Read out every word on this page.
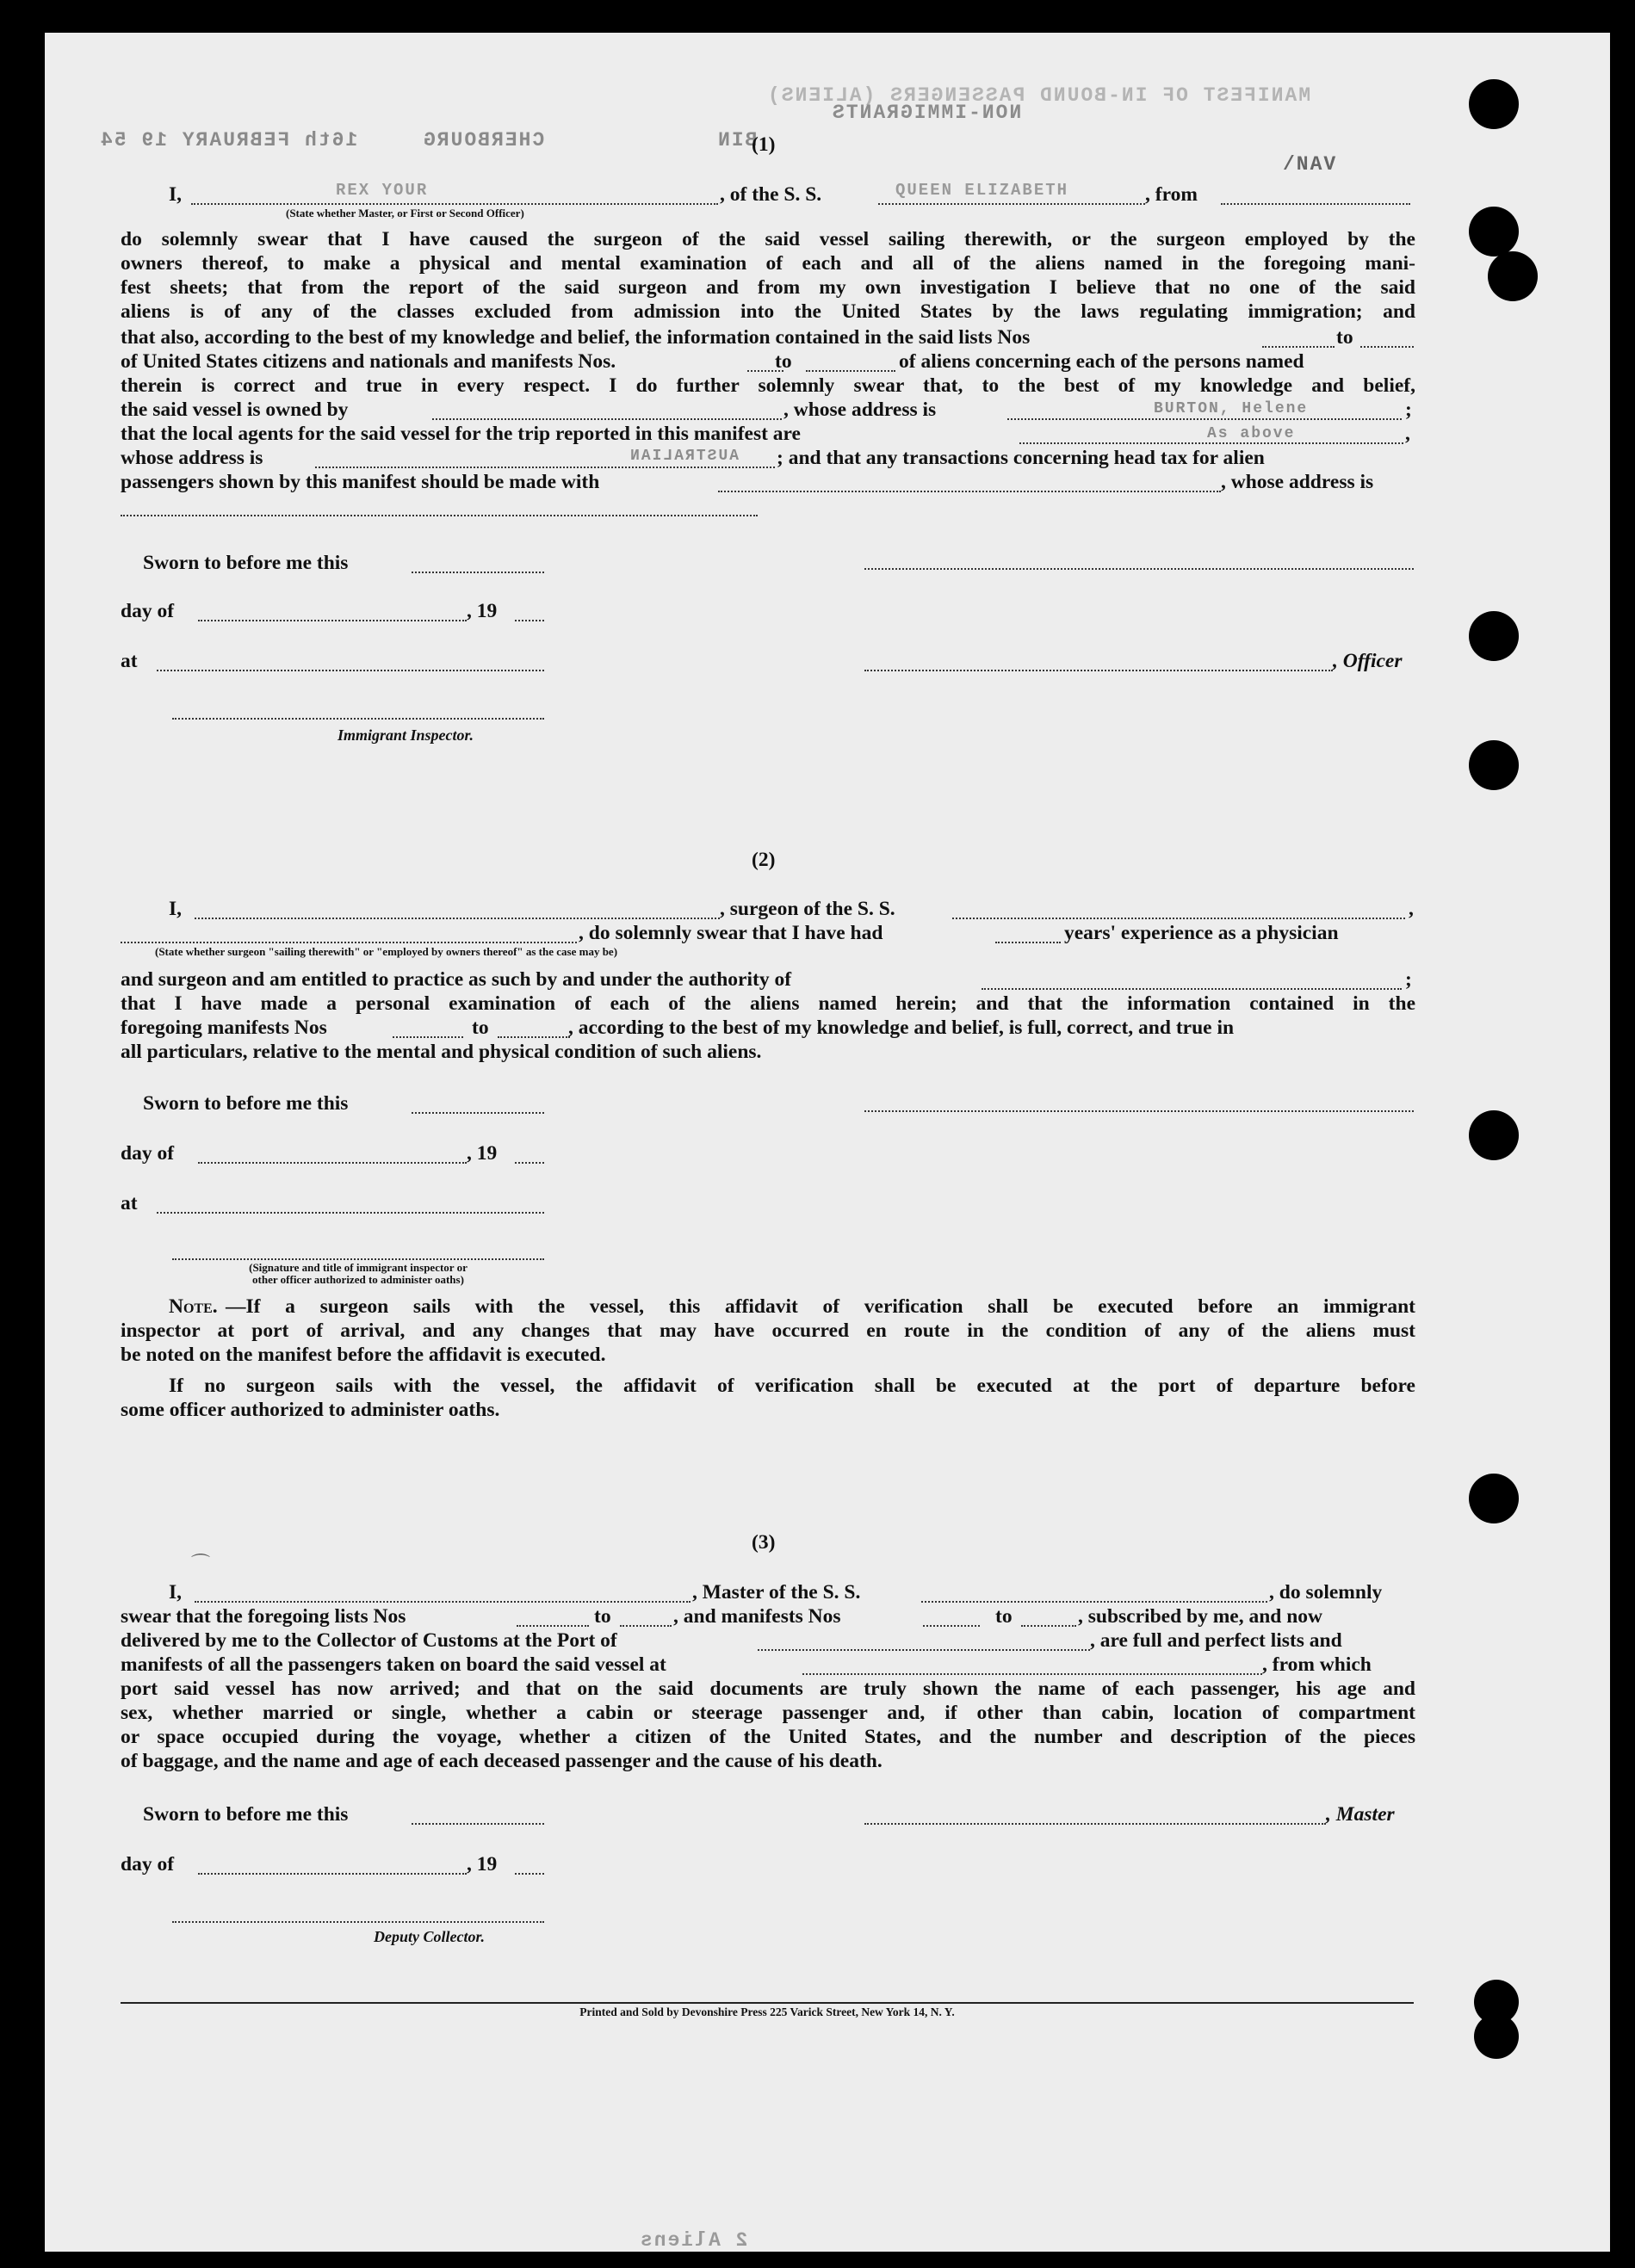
MANIFEST OF IN-BOUND PASSENGERS (ALIENS)
NON-IMMIGRANTS
16th FEBRUARY 19 54	CHERBOURG	BIN
/NAV
2 Aliens
(1)
I,	REX YOUR	, of the S. S.	QUEEN ELIZABETH	, from
(State whether Master, or First or Second Officer)
do solemnly swear that I have caused the surgeon of the said vessel sailing therewith, or the surgeon employed by the
owners thereof, to make a physical and mental examination of each and all of the aliens named in the foregoing mani-
fest sheets; that from the report of the said surgeon and from my own investigation I believe that no one of the said
aliens is of any of the classes excluded from admission into the United States by the laws regulating immigration; and
that also, according to the best of my knowledge and belief, the information contained in the said lists Nos	to
of United States citizens and nationals and manifests Nos.	to	of aliens concerning each of the persons named
therein is correct and true in every respect. I do further solemnly swear that, to the best of my knowledge and belief,
the said vessel is owned by	, whose address is	BURTON, Helene	;
that the local agents for the said vessel for the trip reported in this manifest are	As above	,
whose address is	AUSTRALIAN ; and that any transactions concerning head tax for alien
passengers shown by this manifest should be made with	, whose address is
Sworn to before me this
day of	, 19
at	, Officer
Immigrant Inspector.
(2)
I,	, surgeon of the S. S.	,
, do solemnly swear that I have had	years' experience as a physician
(State whether surgeon "sailing therewith" or "employed by owners thereof" as the case may be)
and surgeon and am entitled to practice as such by and under the authority of	;
that I have made a personal examination of each of the aliens named herein; and that the information contained in the
foregoing manifests Nos	to	, according to the best of my knowledge and belief, is full, correct, and true in
all particulars, relative to the mental and physical condition of such aliens.
Sworn to before me this
day of	, 19
at
(Signature and title of immigrant inspector or
other officer authorized to administer oaths)
Note. —If a surgeon sails with the vessel, this affidavit of verification shall be executed before an immigrant
inspector at port of arrival, and any changes that may have occurred en route in the condition of any of the aliens must
be noted on the manifest before the affidavit is executed.
If no surgeon sails with the vessel, the affidavit of verification shall be executed at the port of departure before
some officer authorized to administer oaths.
(3)
⌒
I,	, Master of the S. S.	, do solemnly
swear that the foregoing lists Nos	to	, and manifests Nos	to	, subscribed by me, and now
delivered by me to the Collector of Customs at the Port of	, are full and perfect lists and
manifests of all the passengers taken on board the said vessel at	, from which
port said vessel has now arrived; and that on the said documents are truly shown the name of each passenger, his age and
sex, whether married or single, whether a cabin or steerage passenger and, if other than cabin, location of compartment
or space occupied during the voyage, whether a citizen of the United States, and the number and description of the pieces
of baggage, and the name and age of each deceased passenger and the cause of his death.
Sworn to before me this	, Master
day of	, 19
Deputy Collector.
Printed and Sold by Devonshire Press 225 Varick Street, New York 14, N. Y.
